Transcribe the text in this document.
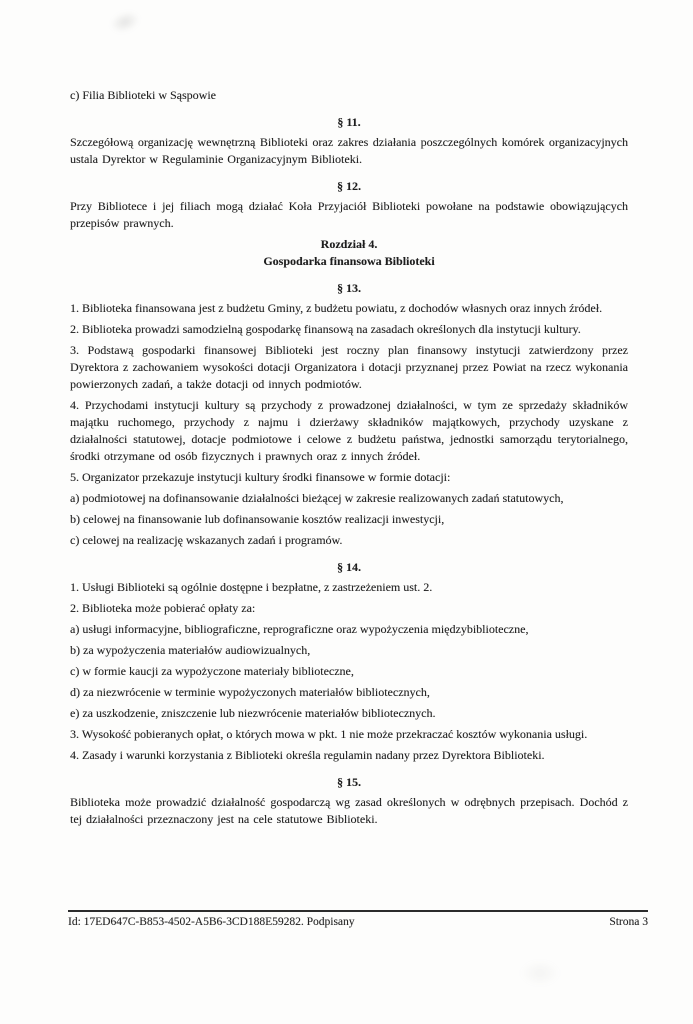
c) Filia Biblioteki w Sąspowie
§ 11.
Szczegółową organizację wewnętrzną Biblioteki oraz zakres działania poszczególnych komórek organizacyjnych ustala Dyrektor w Regulaminie Organizacyjnym Biblioteki.
§ 12.
Przy Bibliotece i jej filiach mogą działać Koła Przyjaciół Biblioteki powołane na podstawie obowiązujących przepisów prawnych.
Rozdział 4.
Gospodarka finansowa Biblioteki
§ 13.
1. Biblioteka finansowana jest z budżetu Gminy, z budżetu powiatu, z dochodów własnych oraz innych źródeł.
2. Biblioteka prowadzi samodzielną gospodarkę finansową na zasadach określonych dla instytucji kultury.
3. Podstawą gospodarki finansowej Biblioteki jest roczny plan finansowy instytucji zatwierdzony przez Dyrektora z zachowaniem wysokości dotacji Organizatora i dotacji przyznanej przez Powiat na rzecz wykonania powierzonych zadań, a także dotacji od innych podmiotów.
4. Przychodami instytucji kultury są przychody z prowadzonej działalności, w tym ze sprzedaży składników majątku ruchomego, przychody z najmu i dzierżawy składników majątkowych, przychody uzyskane z działalności statutowej, dotacje podmiotowe i celowe z budżetu państwa, jednostki samorządu terytorialnego, środki otrzymane od osób fizycznych i prawnych oraz z innych źródeł.
5. Organizator przekazuje instytucji kultury środki finansowe w formie dotacji:
a) podmiotowej na dofinansowanie działalności bieżącej w zakresie realizowanych zadań statutowych,
b) celowej na finansowanie lub dofinansowanie kosztów realizacji inwestycji,
c) celowej na realizację wskazanych zadań i programów.
§ 14.
1. Usługi Biblioteki są ogólnie dostępne i bezpłatne, z zastrzeżeniem ust. 2.
2. Biblioteka może pobierać opłaty za:
a) usługi informacyjne, bibliograficzne, reprograficzne oraz wypożyczenia międzybiblioteczne,
b) za wypożyczenia materiałów audiowizualnych,
c) w formie kaucji za wypożyczone materiały biblioteczne,
d) za niezwrócenie w terminie wypożyczonych materiałów bibliotecznych,
e) za uszkodzenie, zniszczenie lub niezwrócenie materiałów bibliotecznych.
3. Wysokość pobieranych opłat, o których mowa w pkt. 1 nie może przekraczać kosztów wykonania usługi.
4. Zasady i warunki korzystania z Biblioteki określa regulamin nadany przez Dyrektora Biblioteki.
§ 15.
Biblioteka może prowadzić działalność gospodarczą wg zasad określonych w odrębnych przepisach. Dochód z tej działalności przeznaczony jest na cele statutowe Biblioteki.
Id: 17ED647C-B853-4502-A5B6-3CD188E59282. Podpisany	Strona 3
